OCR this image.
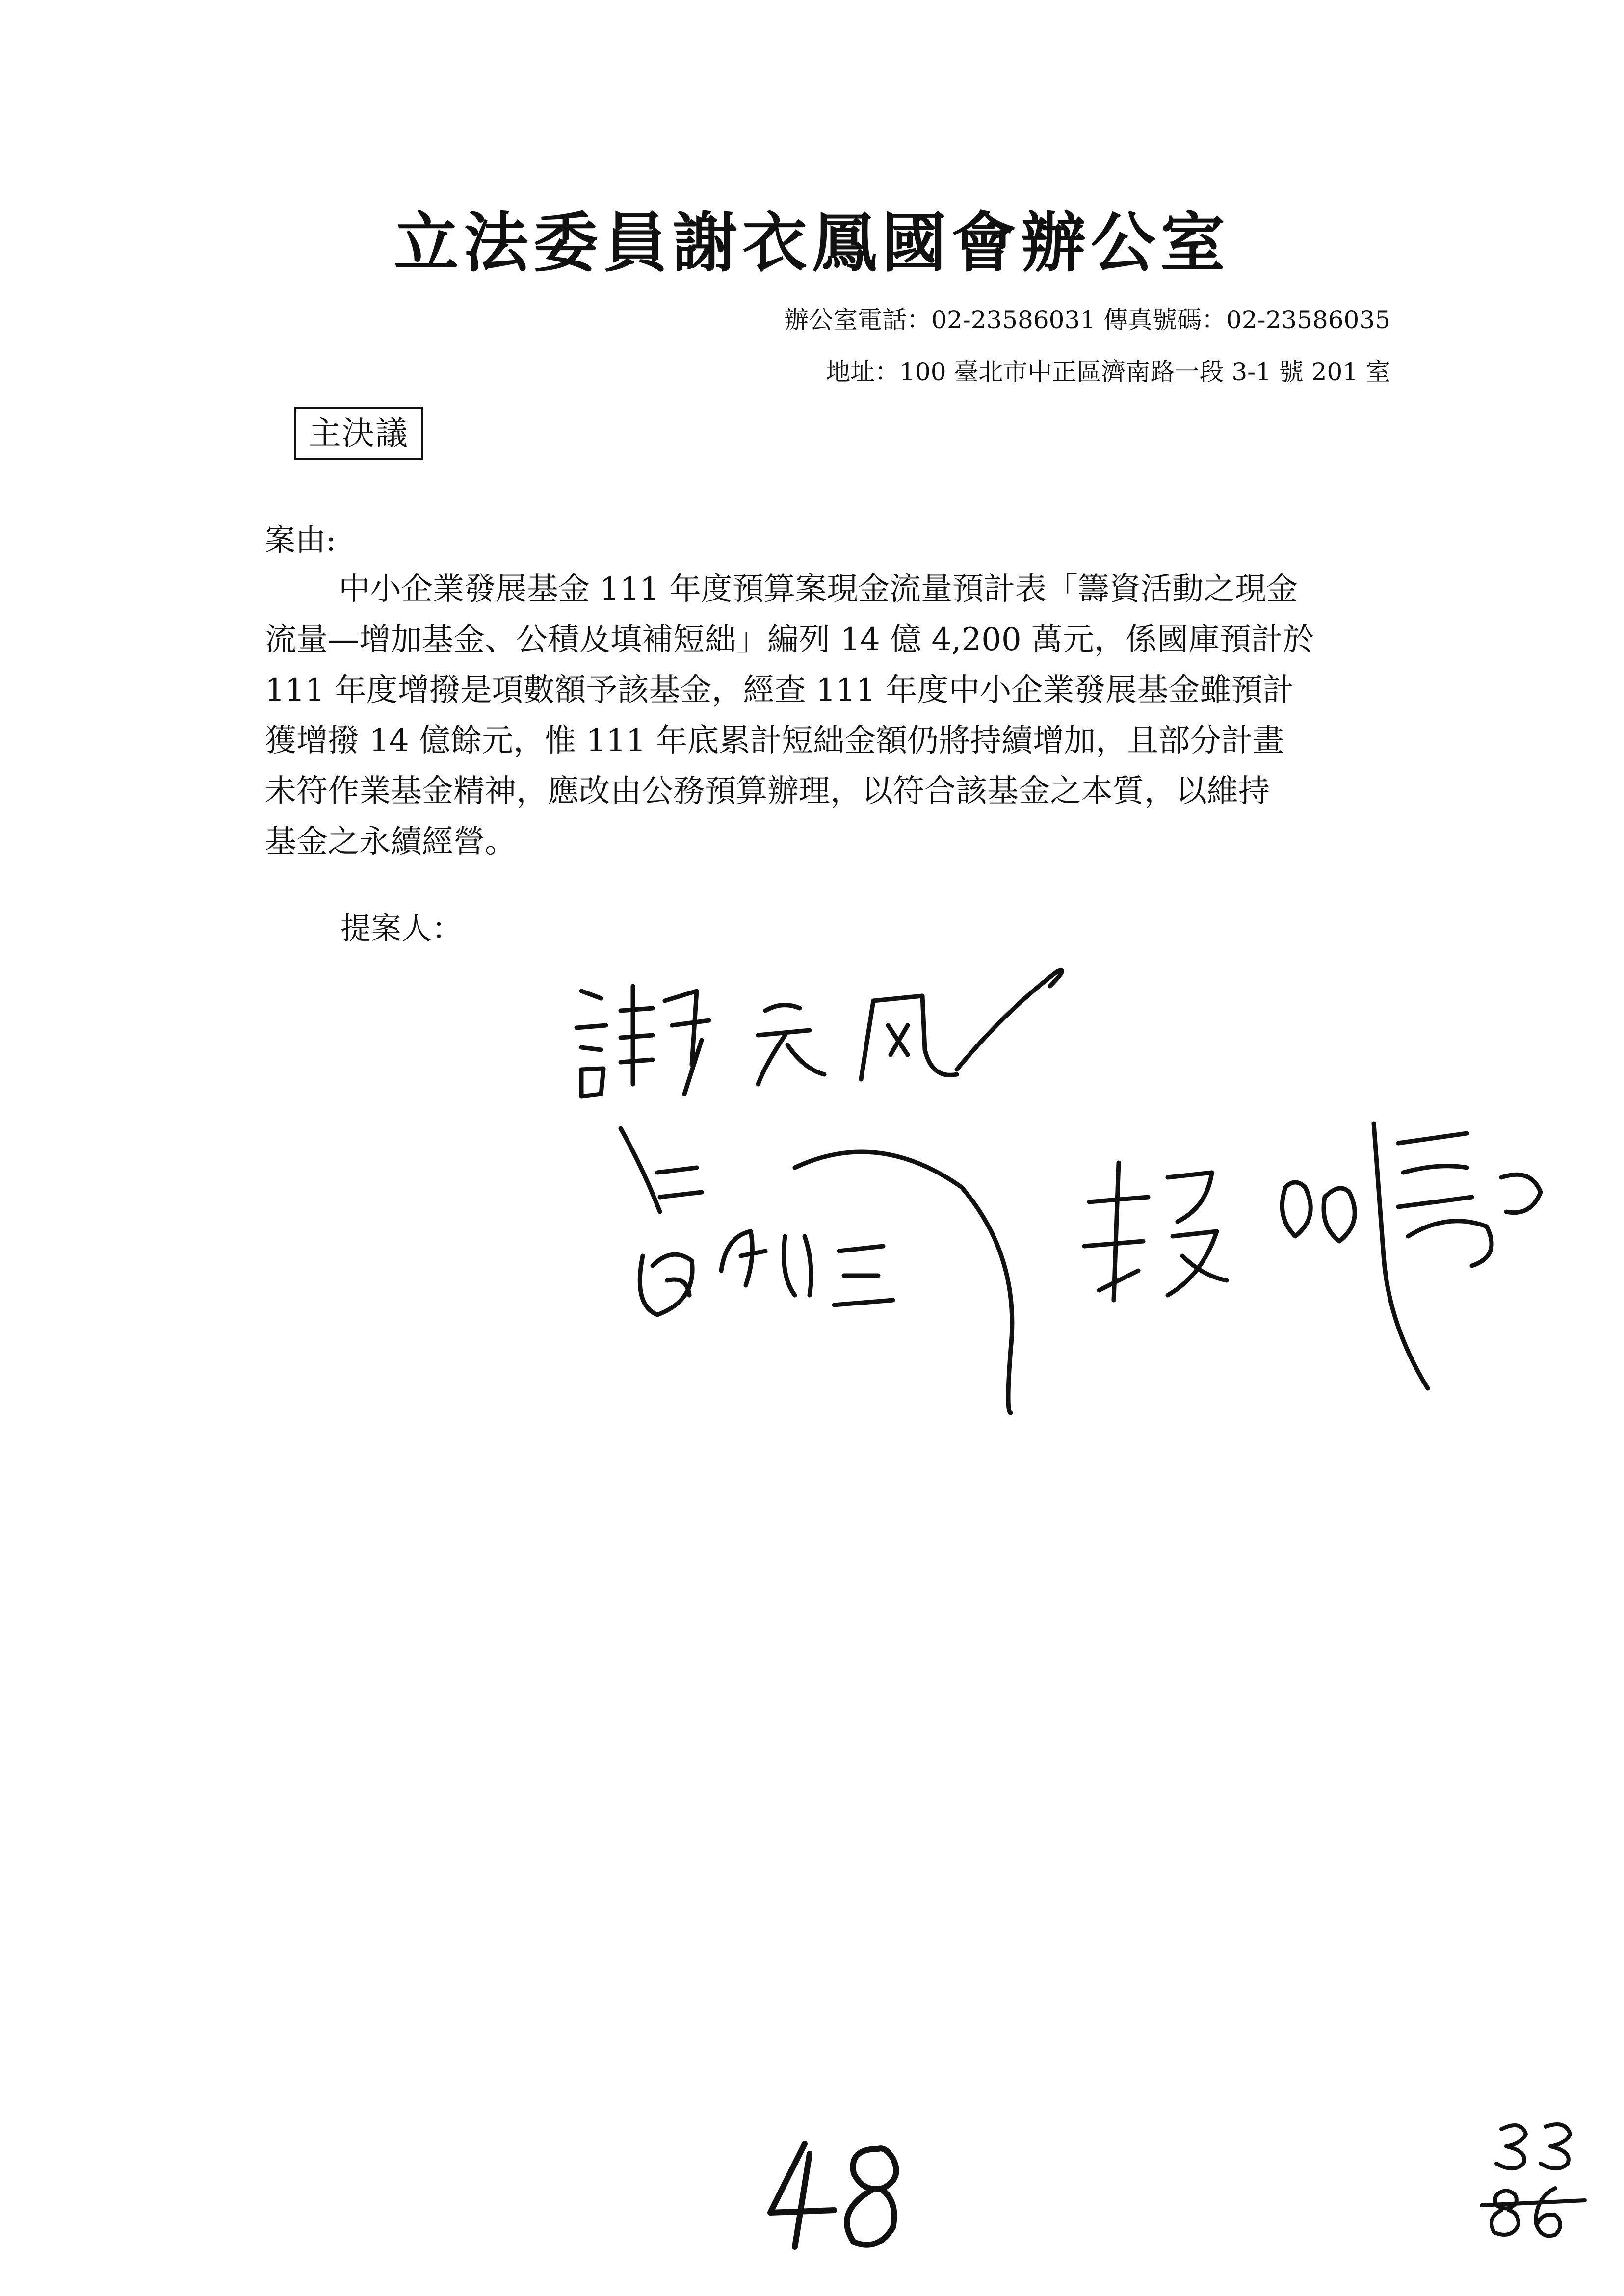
立法委員謝衣鳳國會辦公室
辦公室電話：02-23586031 傳真號碼：02-23586035
地址：100 臺北市中正區濟南路一段 3-1 號 201 室
主決議
案由:
中小企業發展基金 111 年度預算案現金流量預計表「籌資活動之現金
流量—增加基金、公積及填補短絀」編列 14 億 4,200 萬元，係國庫預計於
111 年度增撥是項數額予該基金，經查 111 年度中小企業發展基金雖預計
獲增撥 14 億餘元，惟 111 年底累計短絀金額仍將持續增加，且部分計畫
未符作業基金精神，應改由公務預算辦理，以符合該基金之本質，以維持
基金之永續經營。
提案人：
